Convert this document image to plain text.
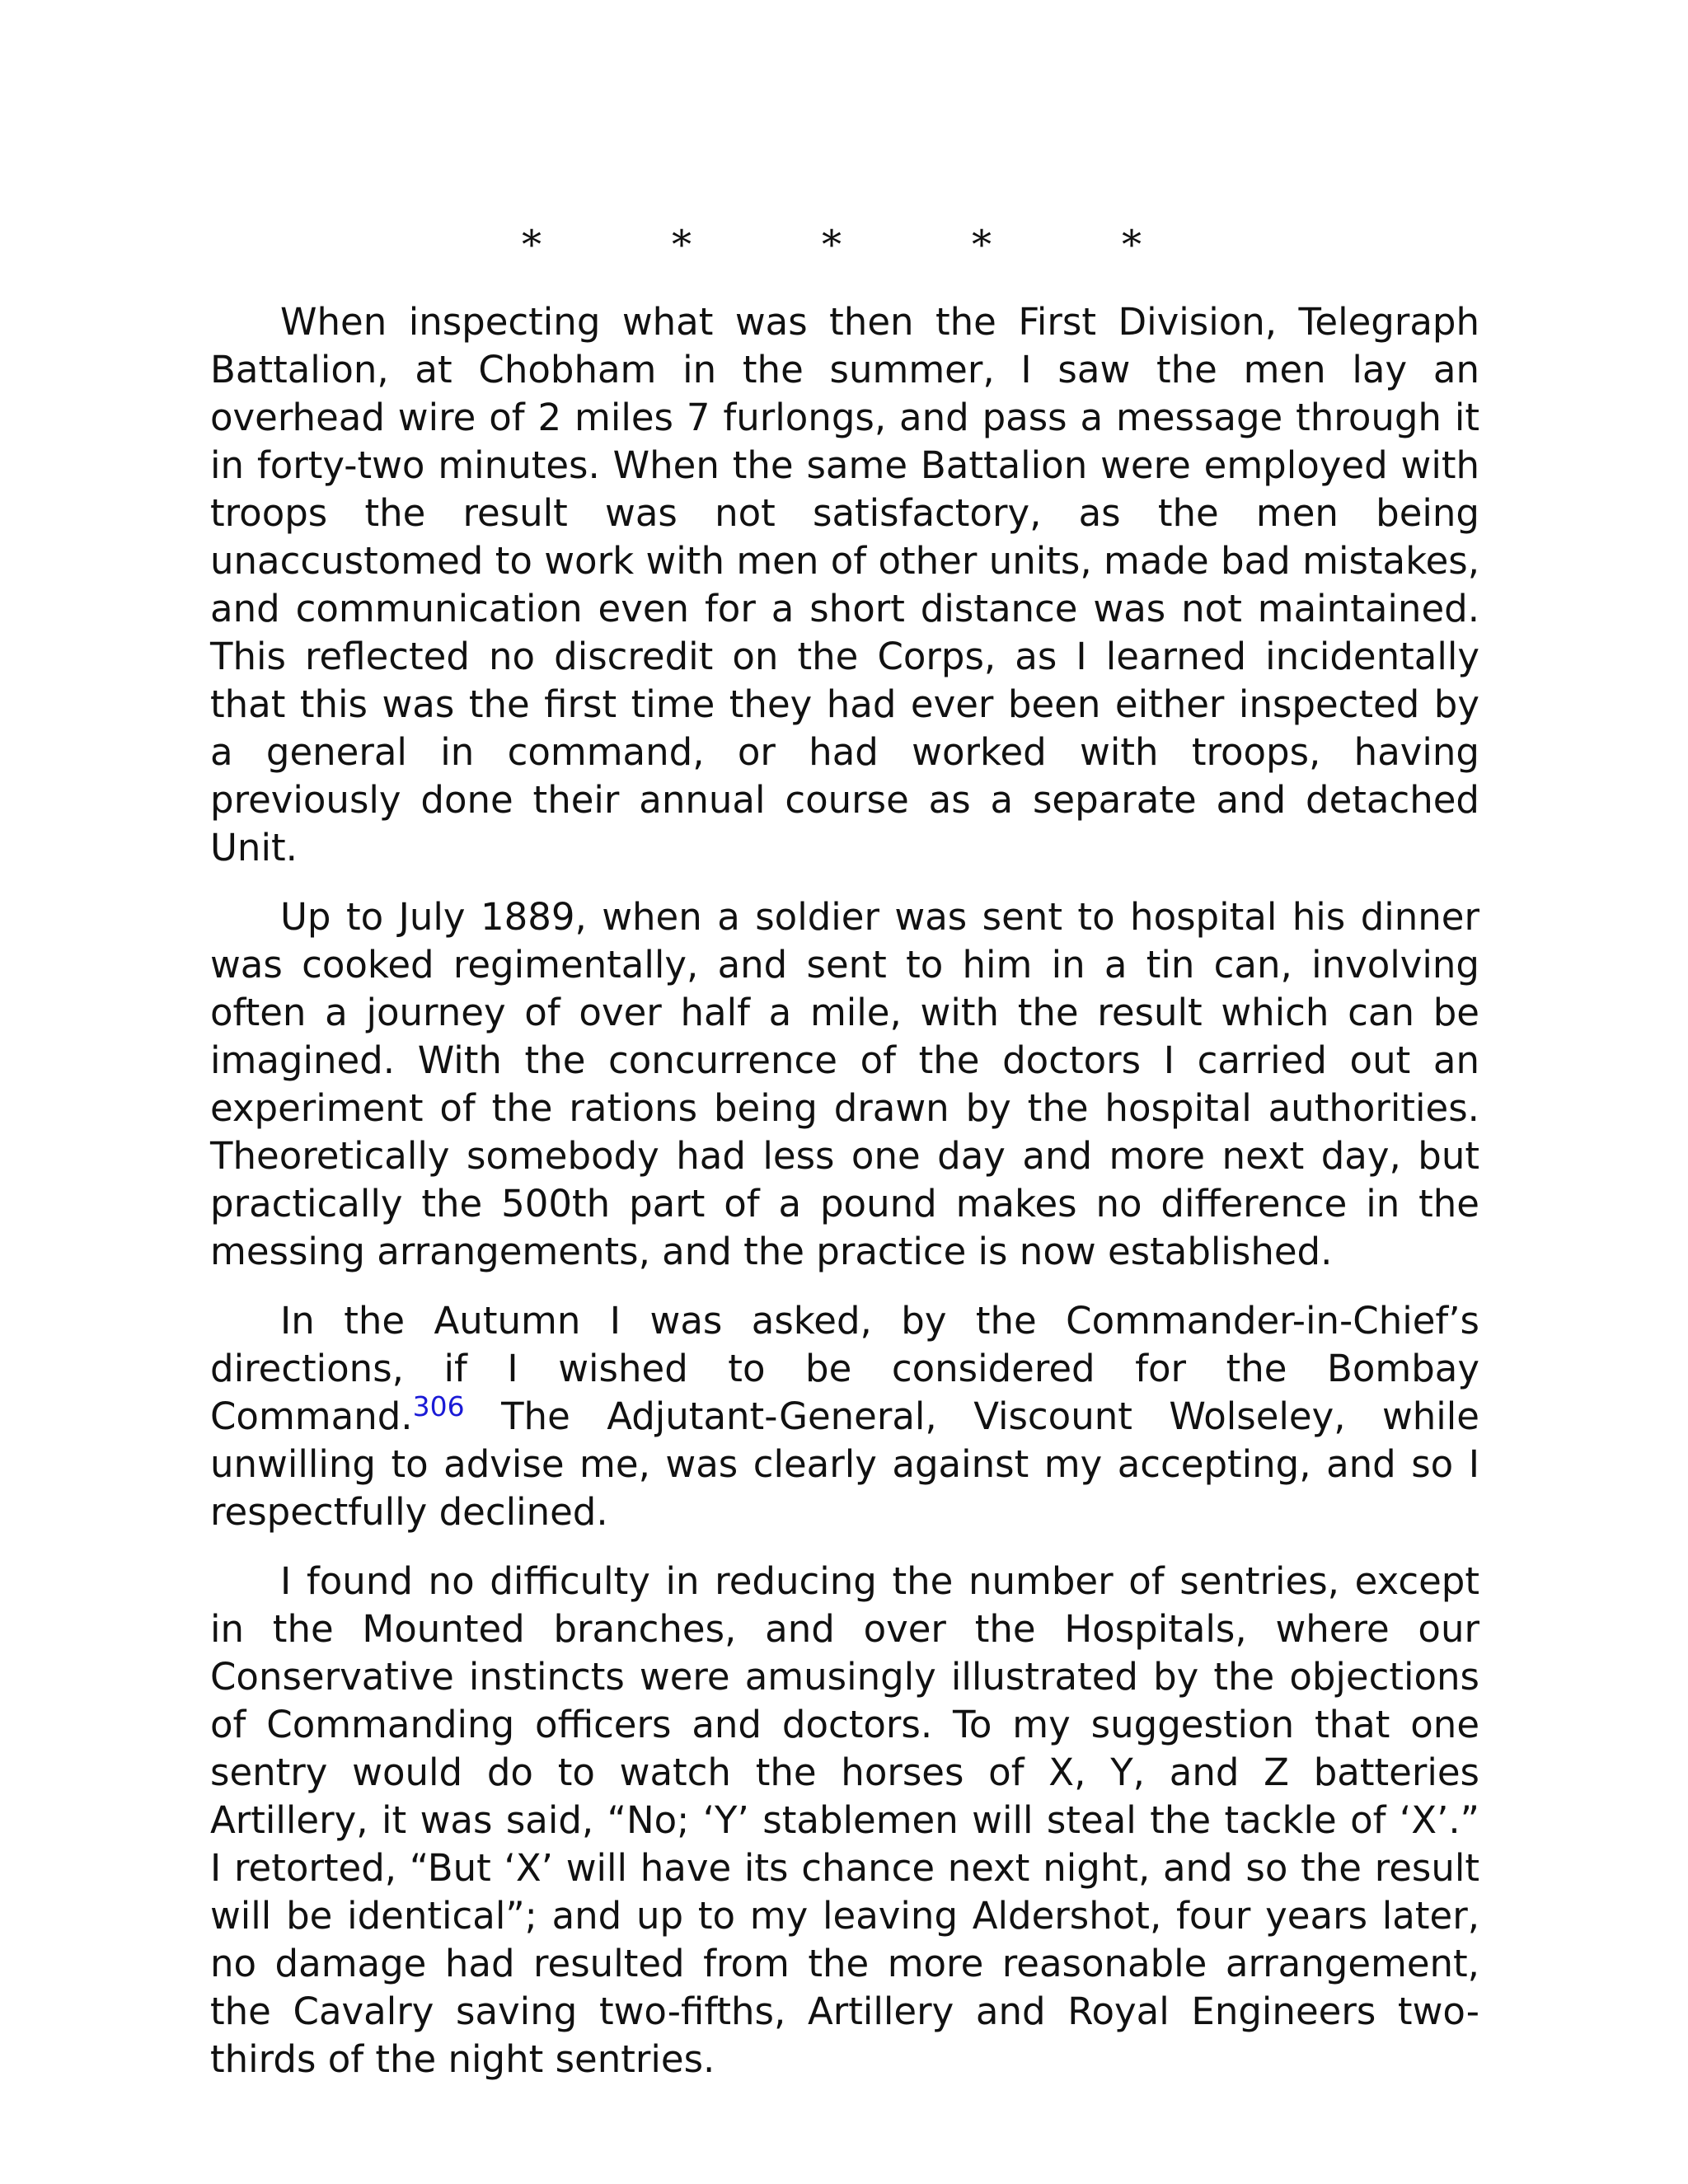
*	*	*	*	*

When inspecting what was then the First Division, Telegraph Battalion, at Chobham in the summer, I saw the men lay an overhead wire of 2 miles 7 furlongs, and pass a message through it in forty-two minutes. When the same Battalion were employed with troops the result was not satisfactory, as the men being unaccustomed to work with men of other units, made bad mistakes, and communication even for a short distance was not maintained. This reflected no discredit on the Corps, as I learned incidentally that this was the first time they had ever been either inspected by a general in command, or had worked with troops, having previously done their annual course as a separate and detached Unit.

Up to July 1889, when a soldier was sent to hospital his dinner was cooked regimentally, and sent to him in a tin can, involving often a journey of over half a mile, with the result which can be imagined. With the concurrence of the doctors I carried out an experiment of the rations being drawn by the hospital authorities. Theoretically somebody had less one day and more next day, but practically the 500th part of a pound makes no difference in the messing arrangements, and the practice is now established.

In the Autumn I was asked, by the Commander-in-Chief’s directions, if I wished to be considered for the Bombay Command.$^{306}$ The Adjutant-General, Viscount Wolseley, while unwilling to advise me, was clearly against my accepting, and so I respectfully declined.

I found no difficulty in reducing the number of sentries, except in the Mounted branches, and over the Hospitals, where our Conservative instincts were amusingly illustrated by the objections of Commanding officers and doctors. To my suggestion that one sentry would do to watch the horses of X, Y, and Z batteries Artillery, it was said, “No; ‘Y’ stablemen will steal the tackle of ‘X’.” I retorted, “But ‘X’ will have its chance next night, and so the result will be identical”; and up to my leaving Aldershot, four years later, no damage had resulted from the more reasonable arrangement, the Cavalry saving two-fifths, Artillery and Royal Engineers two-thirds of the night sentries.
